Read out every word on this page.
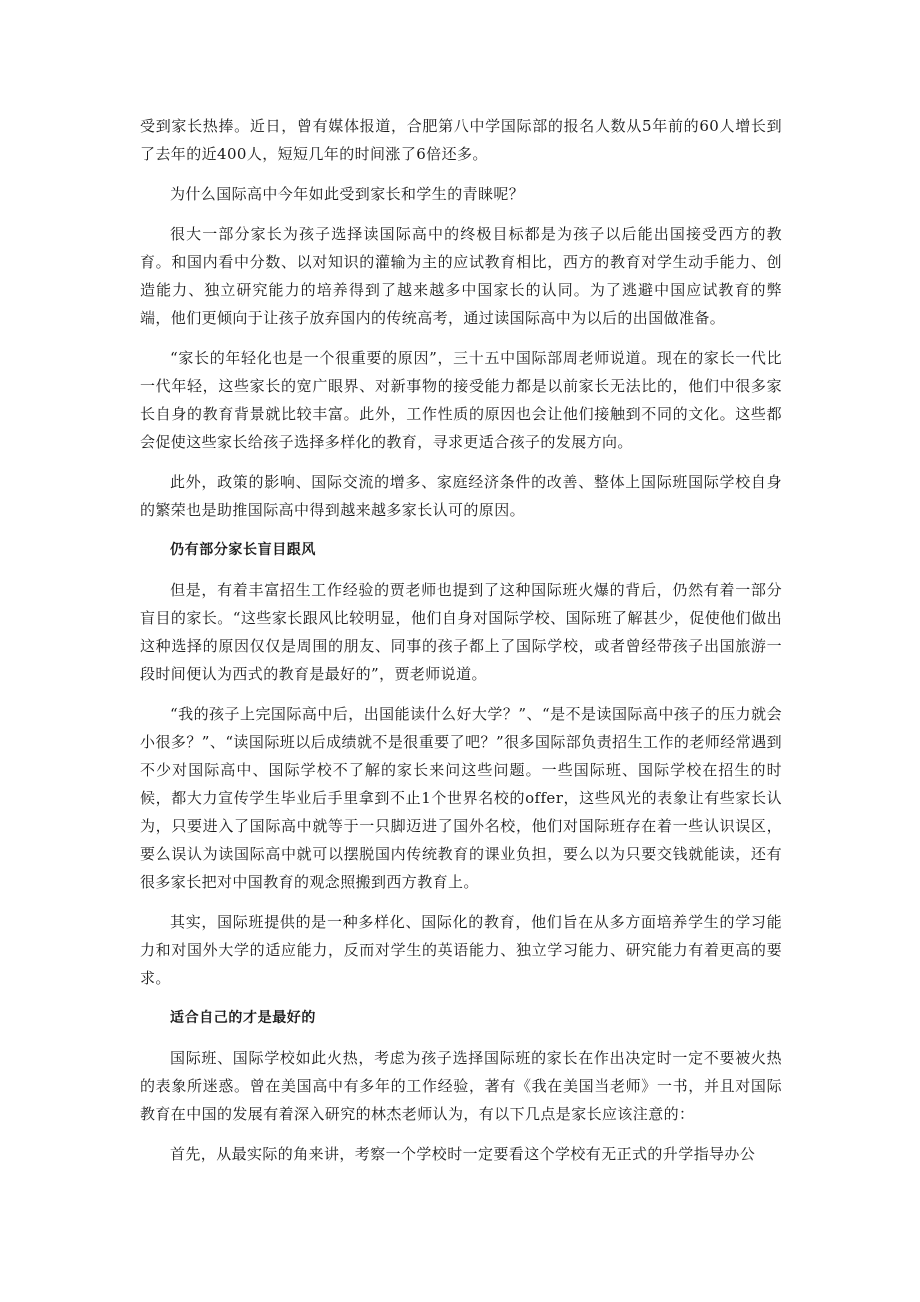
受到家长热捧。近日，曾有媒体报道，合肥第八中学国际部的报名人数从5年前的60人增长到了去年的近400人，短短几年的时间涨了6倍还多。

为什么国际高中今年如此受到家长和学生的青睐呢？

很大一部分家长为孩子选择读国际高中的终极目标都是为孩子以后能出国接受西方的教育。和国内看中分数、以对知识的灌输为主的应试教育相比，西方的教育对学生动手能力、创造能力、独立研究能力的培养得到了越来越多中国家长的认同。为了逃避中国应试教育的弊端，他们更倾向于让孩子放弃国内的传统高考，通过读国际高中为以后的出国做准备。

“家长的年轻化也是一个很重要的原因”，三十五中国际部周老师说道。现在的家长一代比一代年轻，这些家长的宽广眼界、对新事物的接受能力都是以前家长无法比的，他们中很多家长自身的教育背景就比较丰富。此外，工作性质的原因也会让他们接触到不同的文化。这些都会促使这些家长给孩子选择多样化的教育，寻求更适合孩子的发展方向。

此外，政策的影响、国际交流的增多、家庭经济条件的改善、整体上国际班国际学校自身的繁荣也是助推国际高中得到越来越多家长认可的原因。

仍有部分家长盲目跟风

但是，有着丰富招生工作经验的贾老师也提到了这种国际班火爆的背后，仍然有着一部分盲目的家长。“这些家长跟风比较明显，他们自身对国际学校、国际班了解甚少，促使他们做出这种选择的原因仅仅是周围的朋友、同事的孩子都上了国际学校，或者曾经带孩子出国旅游一段时间便认为西式的教育是最好的”，贾老师说道。

“我的孩子上完国际高中后，出国能读什么好大学？”、“是不是读国际高中孩子的压力就会小很多？”、“读国际班以后成绩就不是很重要了吧？”很多国际部负责招生工作的老师经常遇到不少对国际高中、国际学校不了解的家长来问这些问题。一些国际班、国际学校在招生的时候，都大力宣传学生毕业后手里拿到不止1个世界名校的offer，这些风光的表象让有些家长认为，只要进入了国际高中就等于一只脚迈进了国外名校，他们对国际班存在着一些认识误区，要么误认为读国际高中就可以摆脱国内传统教育的课业负担，要么以为只要交钱就能读，还有很多家长把对中国教育的观念照搬到西方教育上。

其实，国际班提供的是一种多样化、国际化的教育，他们旨在从多方面培养学生的学习能力和对国外大学的适应能力，反而对学生的英语能力、独立学习能力、研究能力有着更高的要求。

适合自己的才是最好的

国际班、国际学校如此火热，考虑为孩子选择国际班的家长在作出决定时一定不要被火热的表象所迷惑。曾在美国高中有多年的工作经验，著有《我在美国当老师》一书，并且对国际教育在中国的发展有着深入研究的林杰老师认为，有以下几点是家长应该注意的：

首先，从最实际的角来讲，考察一个学校时一定要看这个学校有无正式的升学指导办公
